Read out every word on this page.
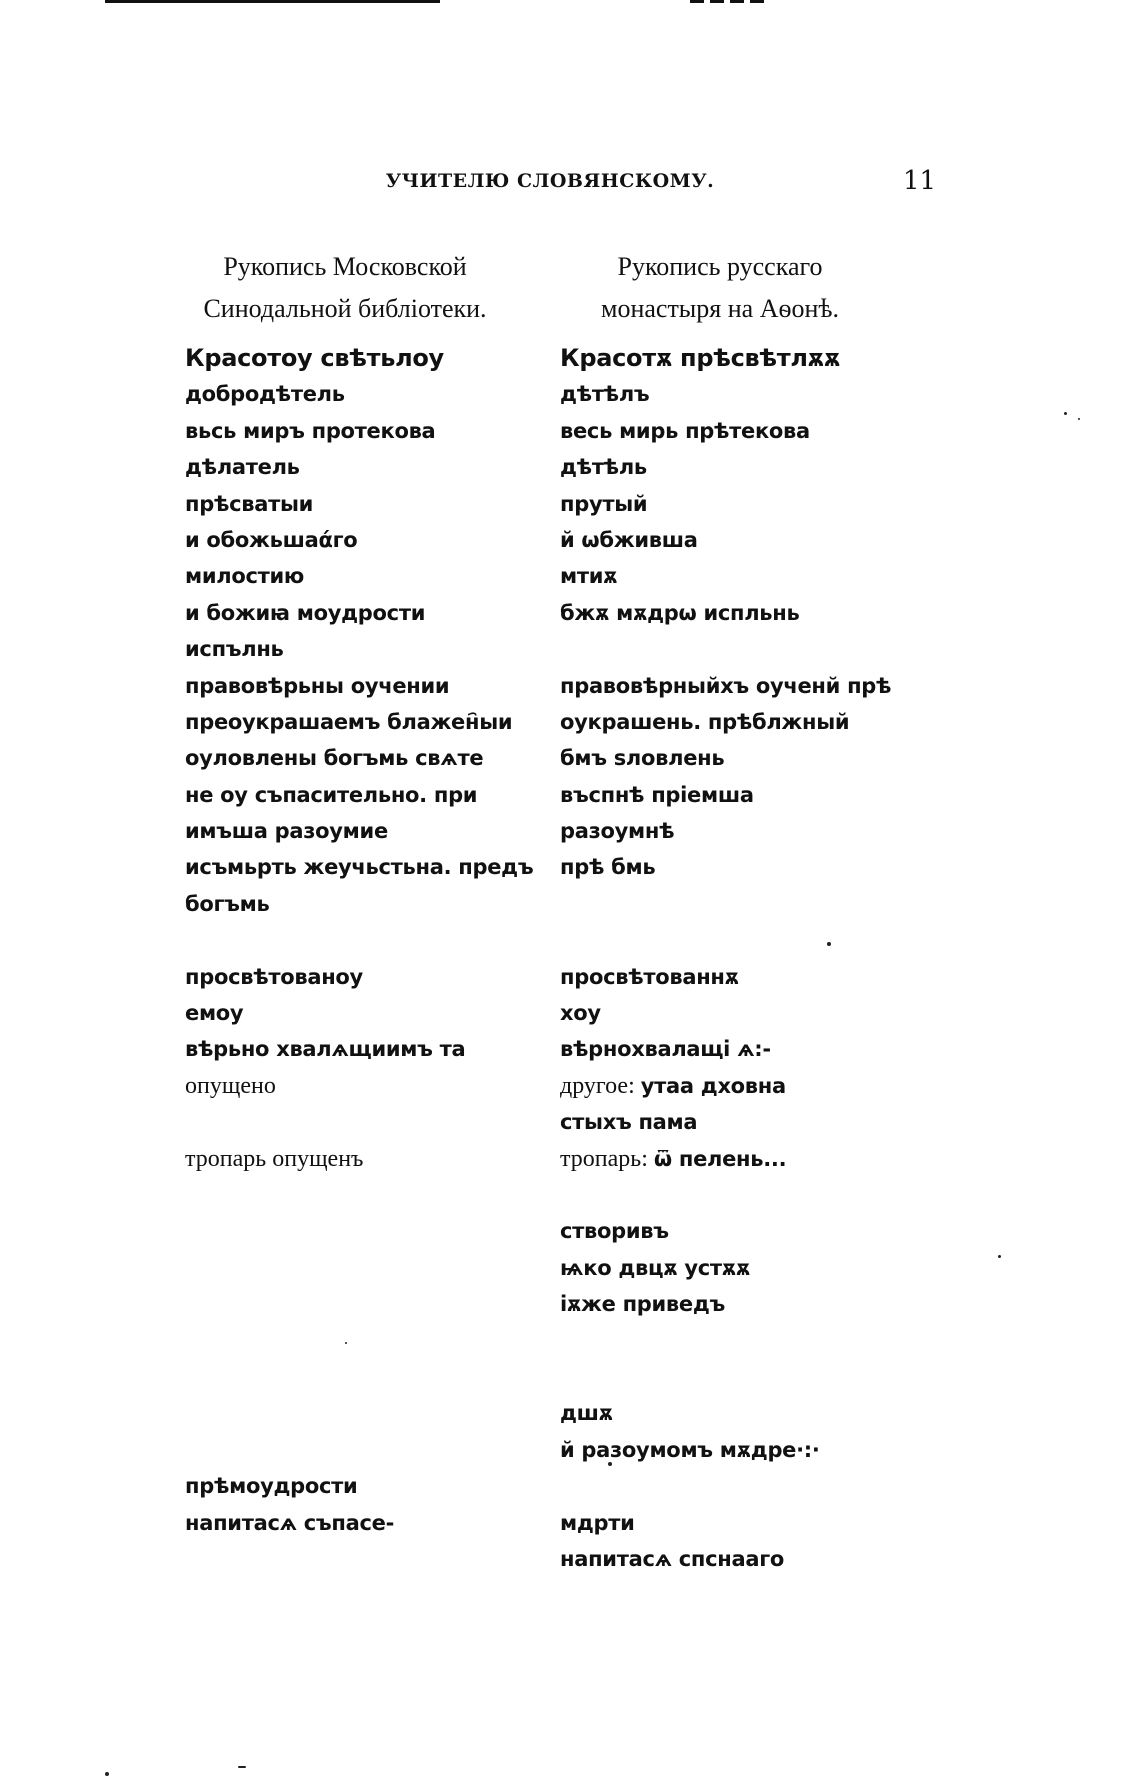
УЧИТЕЛЮ СЛОВЯНСКОМУ.	11
Рукопись Московской
Синодальной библіотеки.
Рукопись русскаго
монастыря на Аѳонѣ.
Красотоу свѣтьлоу
добродѣтель
вьсь миръ протекова
дѣлатель
прѣсватыи
и обожьшаάго
милостию
и божиꙗ моудрости
испълнь
правовѣрьны оучении
преоукрашаемъ блажен҄ыи
оуловлены богъмь свѧте
не оу съпасительно. при
имъша разоумие
исъмьрть жеучьстьна. предъ
богъмь
просвѣтованоу
емоу
вѣрьно хвалѧщиимъ та
опущено
тропарь опущенъ
прѣмоудрости
напитасѧ съпасе-
Красотѫ прѣсвѣтлѫѫ
дѣтѣлъ
весь мирь прѣтекова
дѣтѣль
прутый
й ѡбжившa
мтиѫ
бжѫ мѫдрѡ испльнь
правовѣрныйхъ оученй прѣ
оукрашень. прѣблжный
бмъ ѕловлень
въспнѣ прiемша
разоумнѣ
прѣ бмь
просвѣтованнѫ
хоу
вѣрнохвалащi ѧ:-
другое: утаа дховна
стыхъ пама
тропарь: ѿ пелень...
створивъ
ѩко двцѫ устѫѫ
iѫже приведъ
дшѫ
й разоумомъ мѫдре·:·
мдрти
напитасѧ спснааго
